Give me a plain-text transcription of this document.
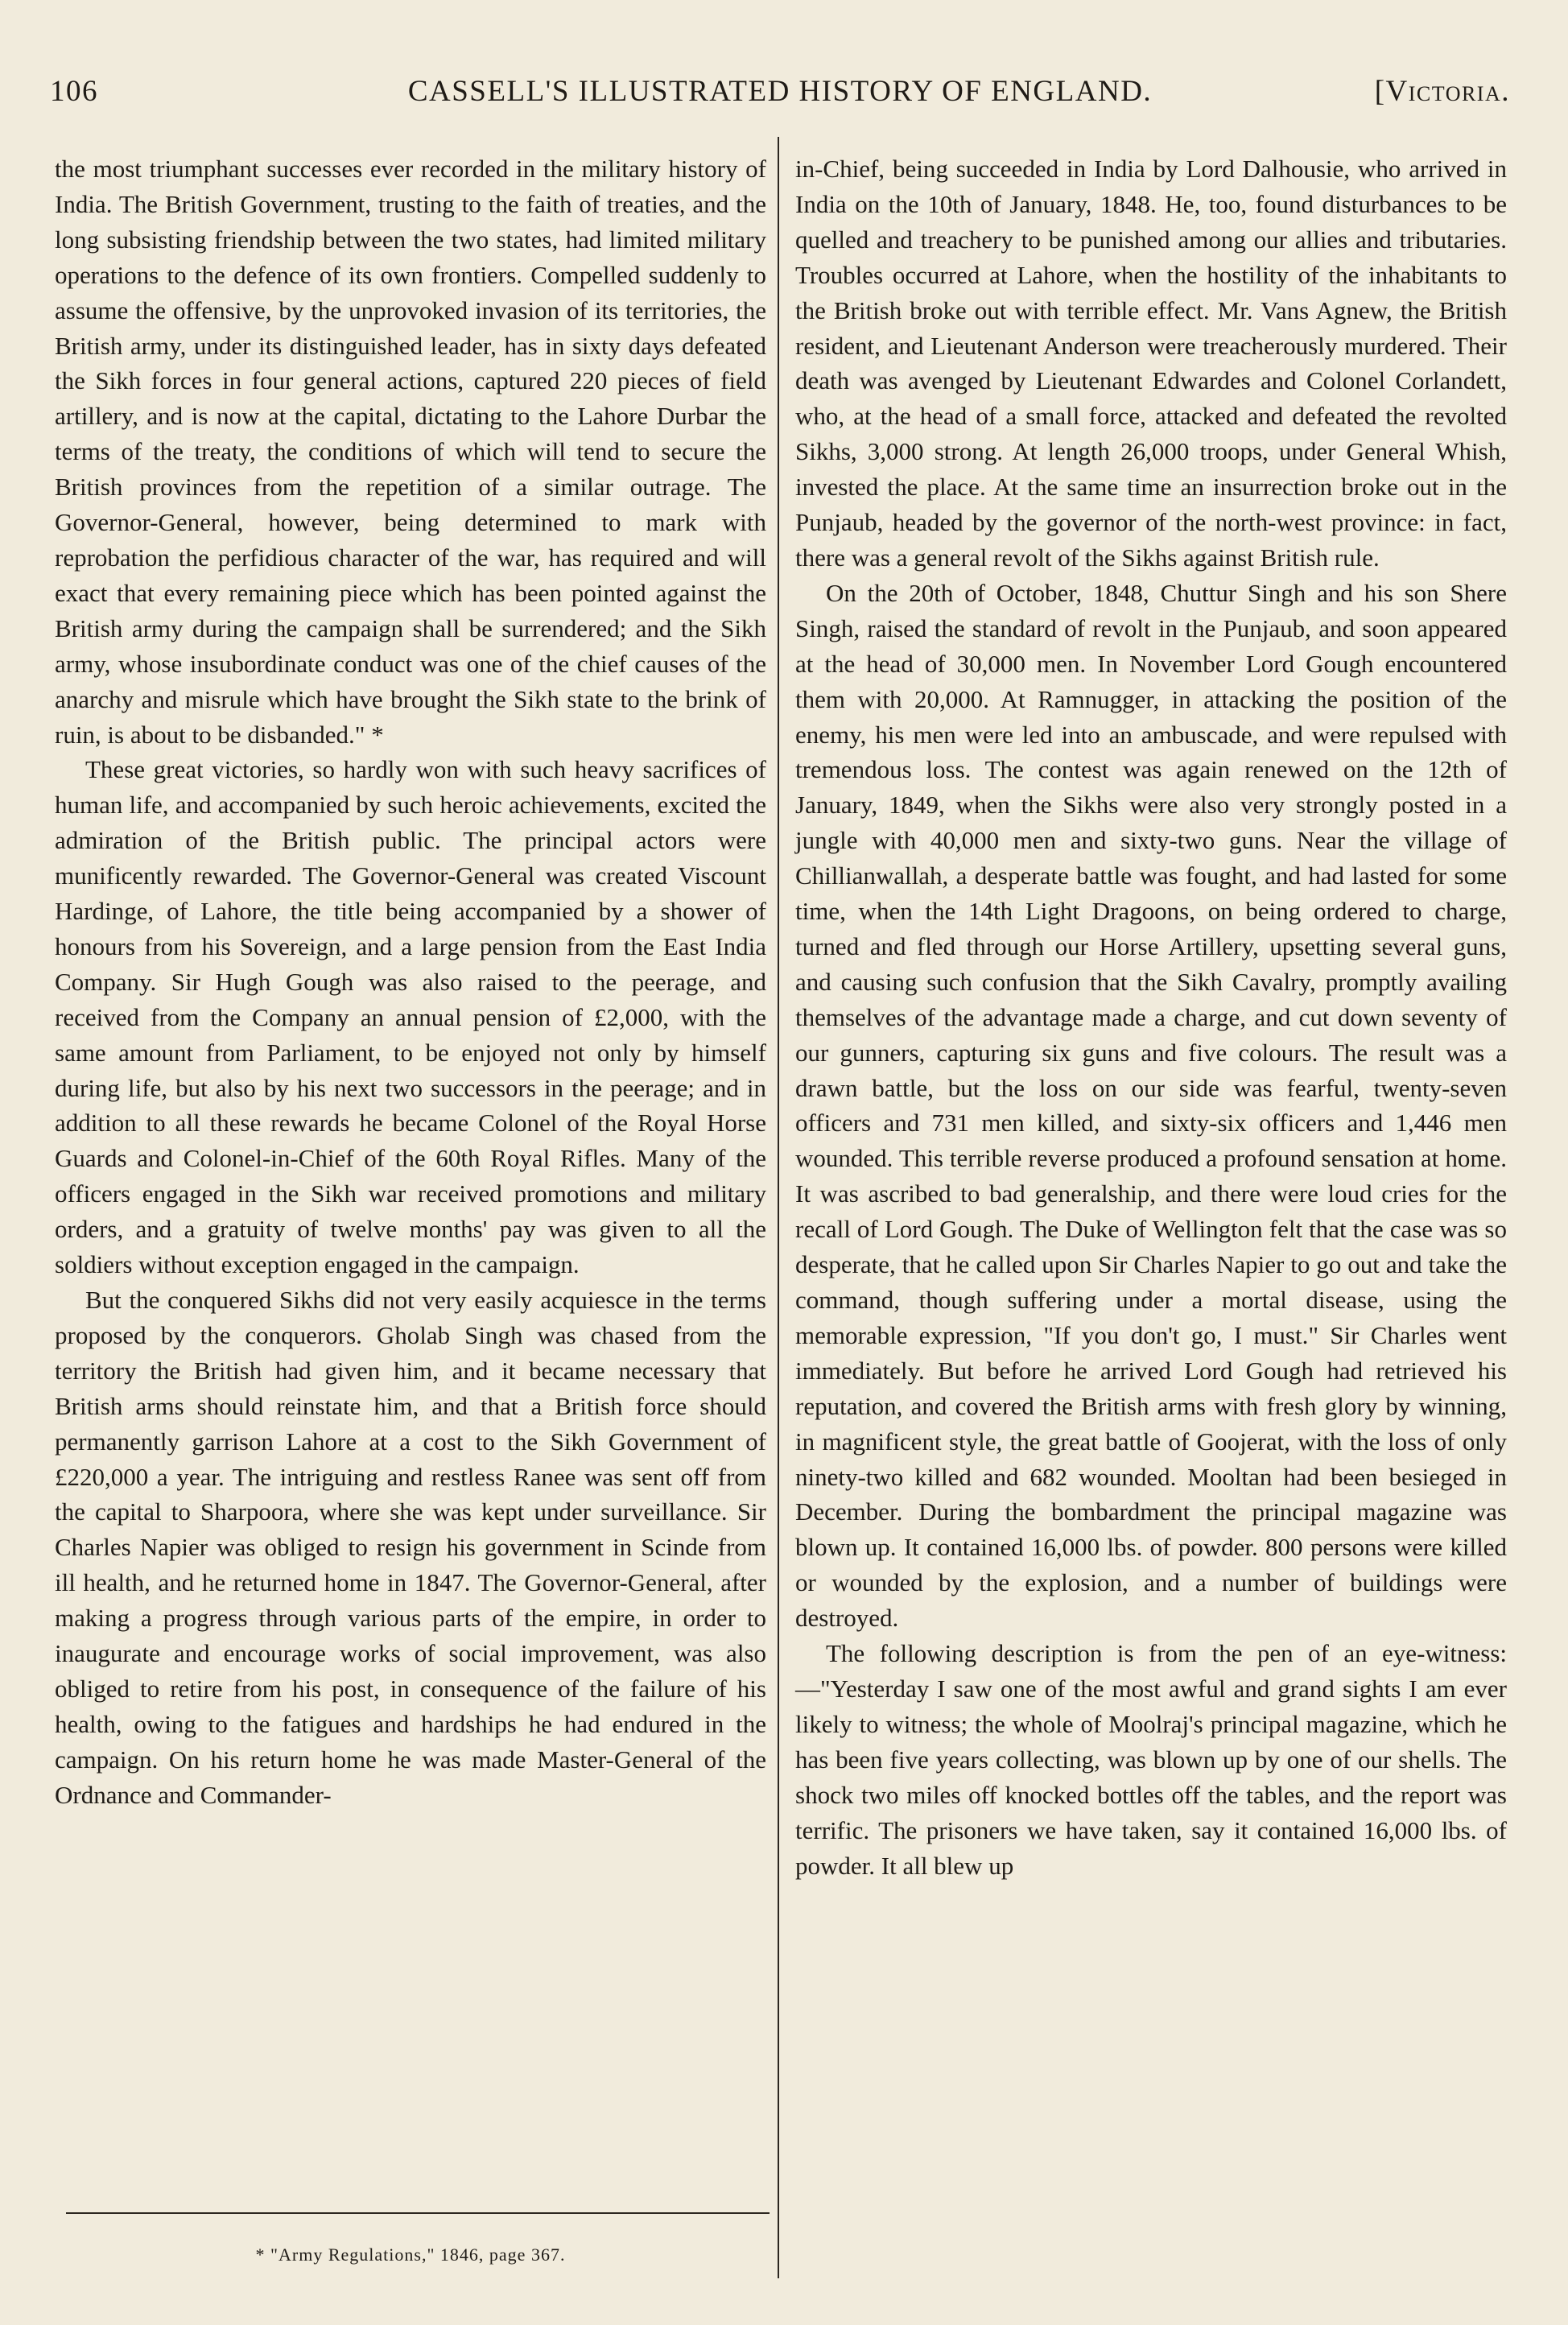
106	CASSELL'S ILLUSTRATED HISTORY OF ENGLAND.	[Victoria.

the most triumphant successes ever recorded in the military history of India. The British Government, trusting to the faith of treaties, and the long subsisting friendship between the two states, had limited military operations to the defence of its own frontiers. Compelled suddenly to assume the offensive, by the unprovoked invasion of its territories, the British army, under its distinguished leader, has in sixty days defeated the Sikh forces in four general actions, captured 220 pieces of field artillery, and is now at the capital, dictating to the Lahore Durbar the terms of the treaty, the conditions of which will tend to secure the British provinces from the repetition of a similar outrage. The Governor-General, however, being determined to mark with reprobation the perfidious character of the war, has required and will exact that every remaining piece which has been pointed against the British army during the campaign shall be surrendered; and the Sikh army, whose insubordinate conduct was one of the chief causes of the anarchy and misrule which have brought the Sikh state to the brink of ruin, is about to be disbanded." *

These great victories, so hardly won with such heavy sacrifices of human life, and accompanied by such heroic achievements, excited the admiration of the British public. The principal actors were munificently rewarded. The Governor-General was created Viscount Hardinge, of Lahore, the title being accompanied by a shower of honours from his Sovereign, and a large pension from the East India Company. Sir Hugh Gough was also raised to the peerage, and received from the Company an annual pension of £2,000, with the same amount from Parliament, to be enjoyed not only by himself during life, but also by his next two successors in the peerage; and in addition to all these rewards he became Colonel of the Royal Horse Guards and Colonel-in-Chief of the 60th Royal Rifles. Many of the officers engaged in the Sikh war received promotions and military orders, and a gratuity of twelve months' pay was given to all the soldiers without exception engaged in the campaign.

But the conquered Sikhs did not very easily acquiesce in the terms proposed by the conquerors. Gholab Singh was chased from the territory the British had given him, and it became necessary that British arms should reinstate him, and that a British force should permanently garrison Lahore at a cost to the Sikh Government of £220,000 a year. The intriguing and restless Ranee was sent off from the capital to Sharpoora, where she was kept under surveillance. Sir Charles Napier was obliged to resign his government in Scinde from ill health, and he returned home in 1847. The Governor-General, after making a progress through various parts of the empire, in order to inaugurate and encourage works of social improvement, was also obliged to retire from his post, in consequence of the failure of his health, owing to the fatigues and hardships he had endured in the campaign. On his return home he was made Master-General of the Ordnance and Commander-

in-Chief, being succeeded in India by Lord Dalhousie, who arrived in India on the 10th of January, 1848. He, too, found disturbances to be quelled and treachery to be punished among our allies and tributaries. Troubles occurred at Lahore, when the hostility of the inhabitants to the British broke out with terrible effect. Mr. Vans Agnew, the British resident, and Lieutenant Anderson were treacherously murdered. Their death was avenged by Lieutenant Edwardes and Colonel Corlandett, who, at the head of a small force, attacked and defeated the revolted Sikhs, 3,000 strong. At length 26,000 troops, under General Whish, invested the place. At the same time an insurrection broke out in the Punjaub, headed by the governor of the north-west province: in fact, there was a general revolt of the Sikhs against British rule.

On the 20th of October, 1848, Chuttur Singh and his son Shere Singh, raised the standard of revolt in the Punjaub, and soon appeared at the head of 30,000 men. In November Lord Gough encountered them with 20,000. At Ramnugger, in attacking the position of the enemy, his men were led into an ambuscade, and were repulsed with tremendous loss. The contest was again renewed on the 12th of January, 1849, when the Sikhs were also very strongly posted in a jungle with 40,000 men and sixty-two guns. Near the village of Chillianwallah, a desperate battle was fought, and had lasted for some time, when the 14th Light Dragoons, on being ordered to charge, turned and fled through our Horse Artillery, upsetting several guns, and causing such confusion that the Sikh Cavalry, promptly availing themselves of the advantage made a charge, and cut down seventy of our gunners, capturing six guns and five colours. The result was a drawn battle, but the loss on our side was fearful, twenty-seven officers and 731 men killed, and sixty-six officers and 1,446 men wounded. This terrible reverse produced a profound sensation at home. It was ascribed to bad generalship, and there were loud cries for the recall of Lord Gough. The Duke of Wellington felt that the case was so desperate, that he called upon Sir Charles Napier to go out and take the command, though suffering under a mortal disease, using the memorable expression, "If you don't go, I must." Sir Charles went immediately. But before he arrived Lord Gough had retrieved his reputation, and covered the British arms with fresh glory by winning, in magnificent style, the great battle of Goojerat, with the loss of only ninety-two killed and 682 wounded. Mooltan had been besieged in December. During the bombardment the principal magazine was blown up. It contained 16,000 lbs. of powder. 800 persons were killed or wounded by the explosion, and a number of buildings were destroyed.

The following description is from the pen of an eye-witness:—"Yesterday I saw one of the most awful and grand sights I am ever likely to witness; the whole of Moolraj's principal magazine, which he has been five years collecting, was blown up by one of our shells. The shock two miles off knocked bottles off the tables, and the report was terrific. The prisoners we have taken, say it contained 16,000 lbs. of powder. It all blew up

* "Army Regulations," 1846, page 367.
